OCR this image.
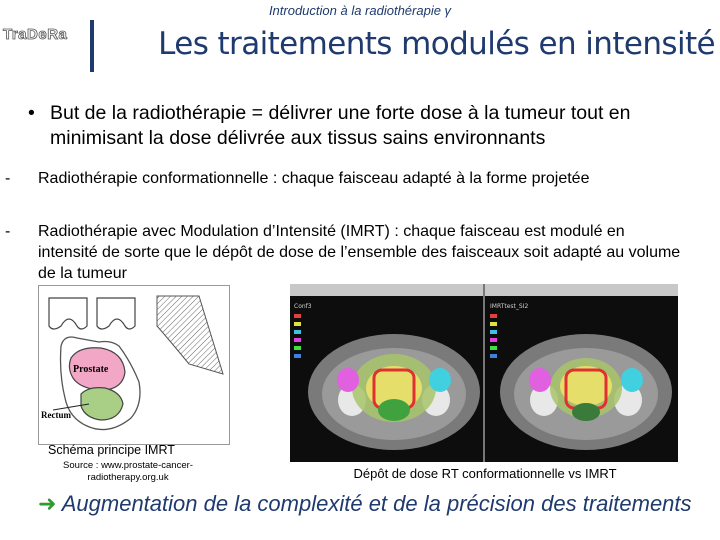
Introduction à la radiothérapie γ
TraDeRa	Les traitements modulés en intensité
• But de la radiothérapie = délivrer une forte dose à la tumeur tout en minimisant la dose délivrée aux tissus sains environnants
- Radiothérapie conformationnelle : chaque faisceau adapté à la forme projetée
- Radiothérapie avec Modulation d’Intensité (IMRT) : chaque faisceau est modulé en intensité de sorte que le dépôt de dose de l’ensemble des faisceaux soit adapté au volume de la tumeur
Prostate
Rectum
Schéma principe IMRT
Source : www.prostate-cancer-radiotherapy.org.uk
Conf3	IMRTtest_SI2
Dépôt de dose RT conformationnelle vs IMRT
➜ Augmentation de la complexité et de la précision des traitements
